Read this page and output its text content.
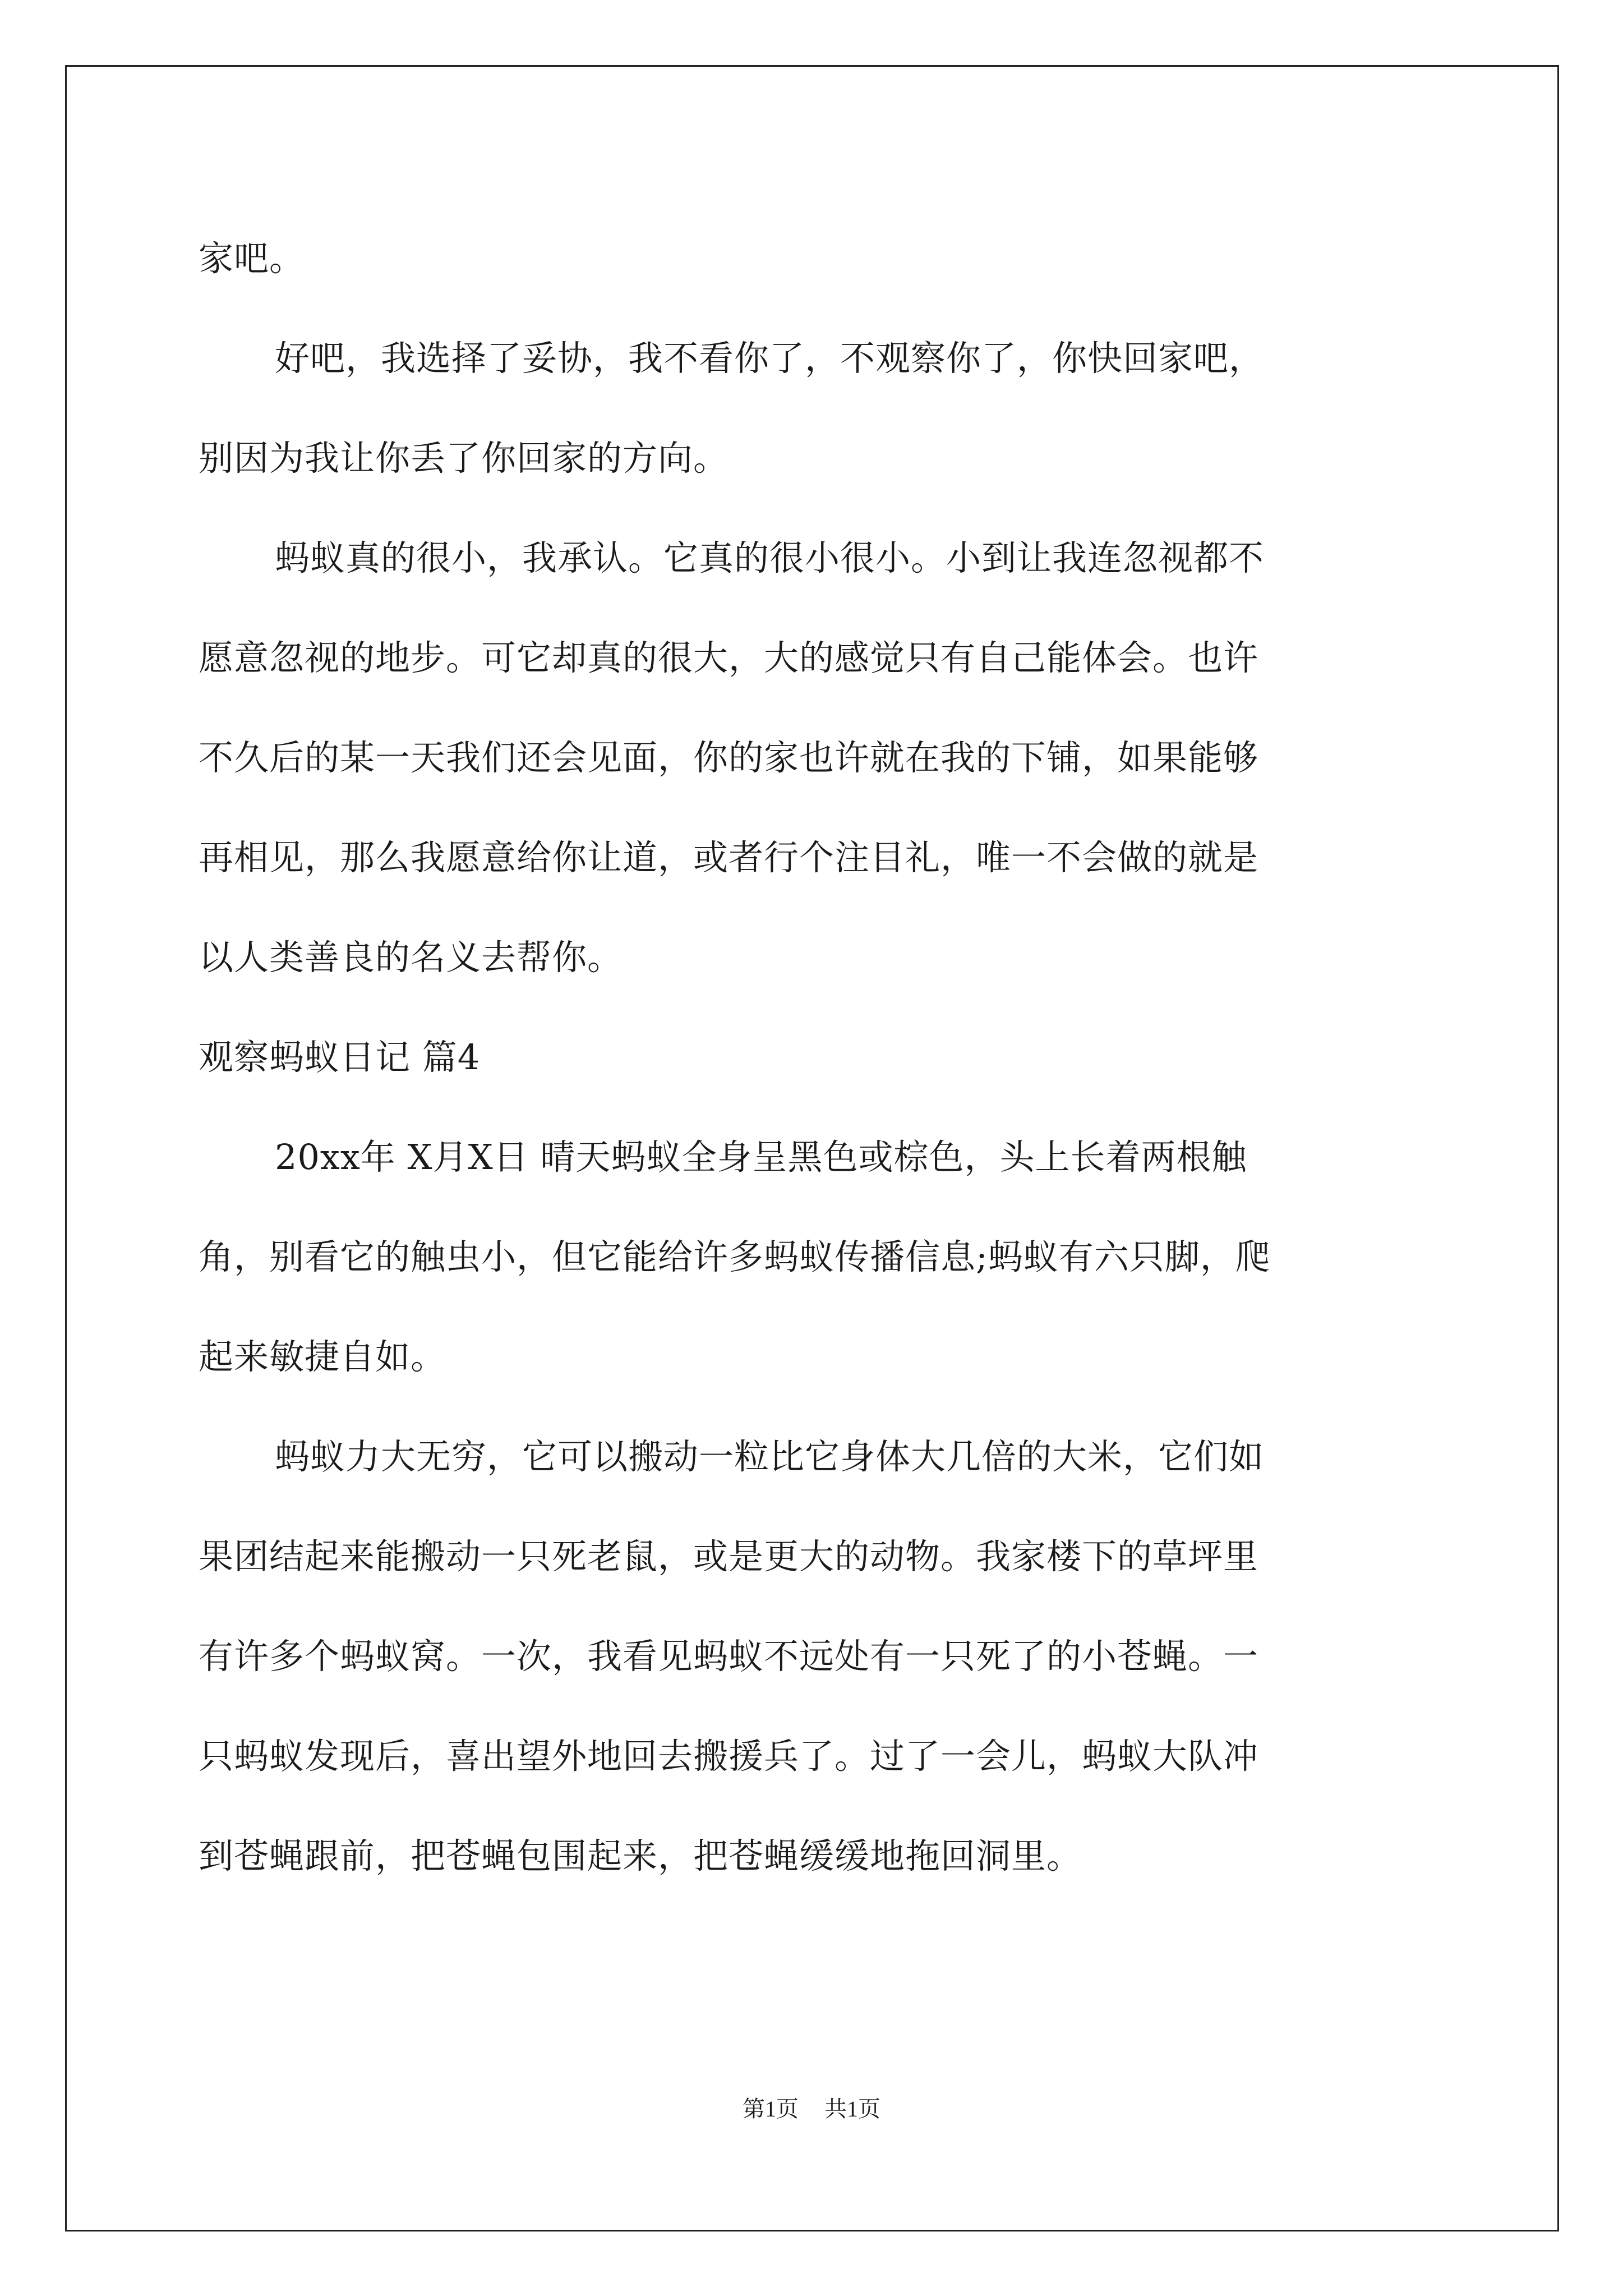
家吧。
好吧，我选择了妥协，我不看你了，不观察你了，你快回家吧，
别因为我让你丢了你回家的方向。
蚂蚁真的很小，我承认。它真的很小很小。小到让我连忽视都不
愿意忽视的地步。可它却真的很大，大的感觉只有自己能体会。也许
不久后的某一天我们还会见面，你的家也许就在我的下铺，如果能够
再相见，那么我愿意给你让道，或者行个注目礼，唯一不会做的就是
以人类善良的名义去帮你。
观察蚂蚁日记 篇4
20xx年 X月X日 晴天蚂蚁全身呈黑色或棕色，头上长着两根触
角，别看它的触虫小，但它能给许多蚂蚁传播信息;蚂蚁有六只脚，爬
起来敏捷自如。
蚂蚁力大无穷，它可以搬动一粒比它身体大几倍的大米，它们如
果团结起来能搬动一只死老鼠，或是更大的动物。我家楼下的草坪里
有许多个蚂蚁窝。一次，我看见蚂蚁不远处有一只死了的小苍蝇。一
只蚂蚁发现后，喜出望外地回去搬援兵了。过了一会儿，蚂蚁大队冲
到苍蝇跟前，把苍蝇包围起来，把苍蝇缓缓地拖回洞里。
第1页 共1页
